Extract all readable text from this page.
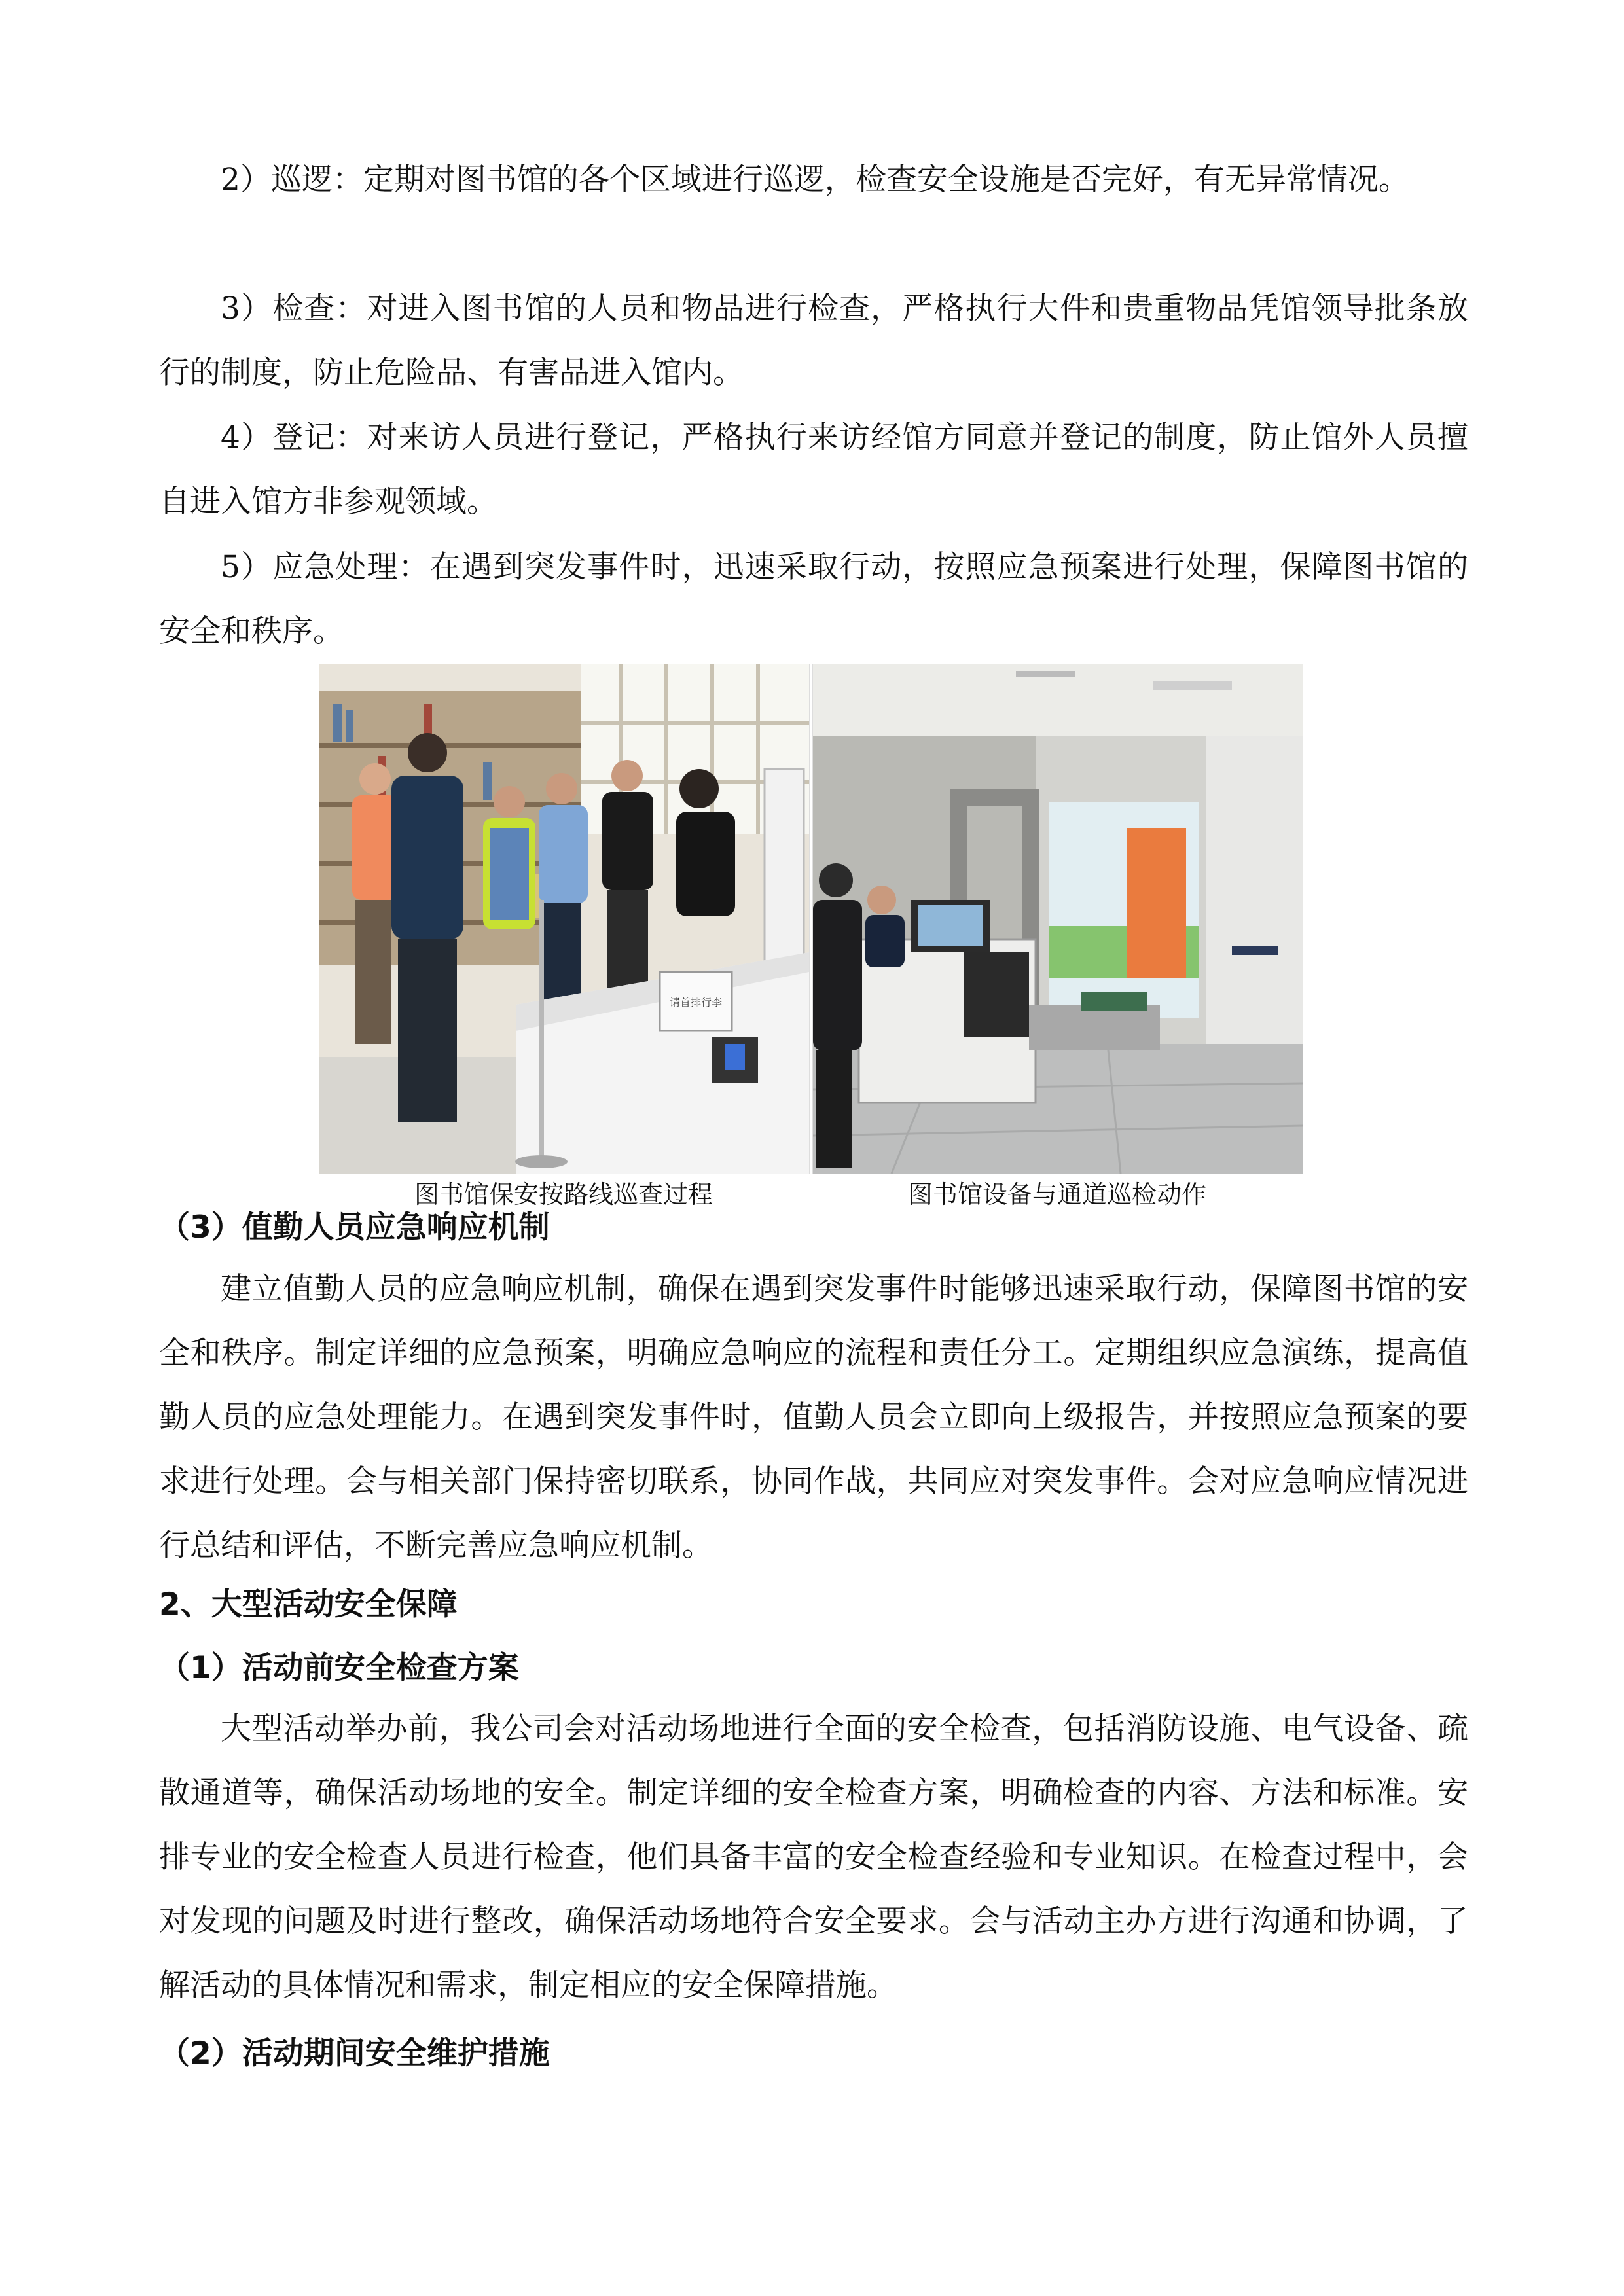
2）巡逻：定期对图书馆的各个区域进行巡逻，检查安全设施是否完好，有无异常情况。

3）检查：对进入图书馆的人员和物品进行检查，严格执行大件和贵重物品凭馆领导批条放行的制度，防止危险品、有害品进入馆内。

4）登记：对来访人员进行登记，严格执行来访经馆方同意并登记的制度，防止馆外人员擅自进入馆方非参观领域。

5）应急处理：在遇到突发事件时，迅速采取行动，按照应急预案进行处理，保障图书馆的安全和秩序。

请首排行李
图书馆保安按路线巡查过程	图书馆设备与通道巡检动作
（3）值勤人员应急响应机制

建立值勤人员的应急响应机制，确保在遇到突发事件时能够迅速采取行动，保障图书馆的安全和秩序。制定详细的应急预案，明确应急响应的流程和责任分工。定期组织应急演练，提高值勤人员的应急处理能力。在遇到突发事件时，值勤人员会立即向上级报告，并按照应急预案的要求进行处理。会与相关部门保持密切联系，协同作战，共同应对突发事件。会对应急响应情况进行总结和评估，不断完善应急响应机制。

2、大型活动安全保障
（1）活动前安全检查方案

大型活动举办前，我公司会对活动场地进行全面的安全检查，包括消防设施、电气设备、疏散通道等，确保活动场地的安全。制定详细的安全检查方案，明确检查的内容、方法和标准。安排专业的安全检查人员进行检查，他们具备丰富的安全检查经验和专业知识。在检查过程中，会对发现的问题及时进行整改，确保活动场地符合安全要求。会与活动主办方进行沟通和协调，了解活动的具体情况和需求，制定相应的安全保障措施。

（2）活动期间安全维护措施
